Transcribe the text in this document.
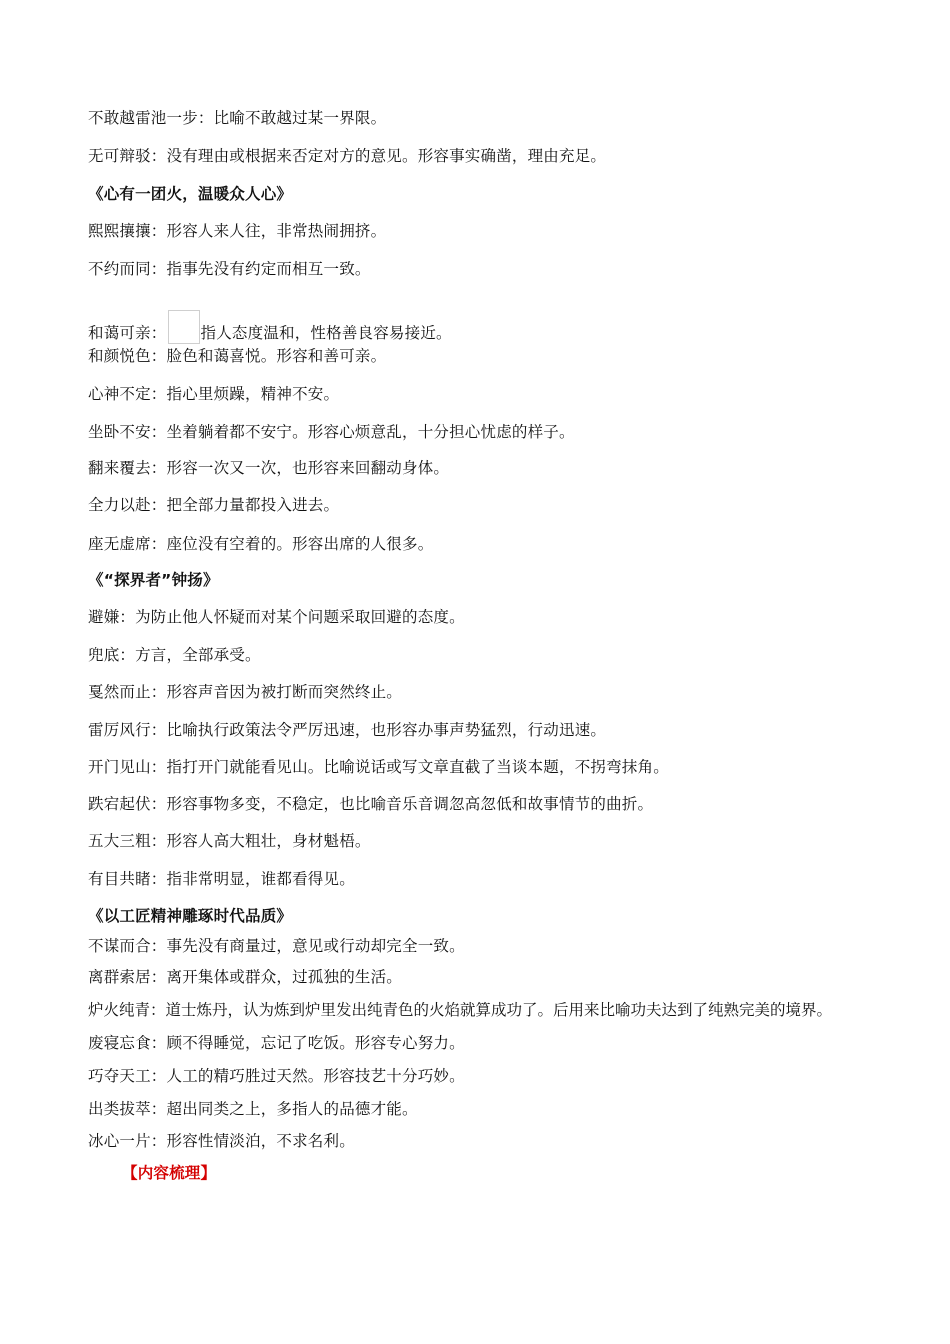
不敢越雷池一步：比喻不敢越过某一界限。
无可辩驳：没有理由或根据来否定对方的意见。形容事实确凿，理由充足。
《心有一团火，温暖众人心》
熙熙攘攘：形容人来人往，非常热闹拥挤。
不约而同：指事先没有约定而相互一致。
和蔼可亲： 指人态度温和，性格善良容易接近。
和颜悦色：脸色和蔼喜悦。形容和善可亲。
心神不定：指心里烦躁，精神不安。
坐卧不安：坐着躺着都不安宁。形容心烦意乱，十分担心忧虑的样子。
翻来覆去：形容一次又一次，也形容来回翻动身体。
全力以赴：把全部力量都投入进去。
座无虚席：座位没有空着的。形容出席的人很多。
《“探界者”钟扬》
避嫌：为防止他人怀疑而对某个问题采取回避的态度。
兜底：方言，全部承受。
戛然而止：形容声音因为被打断而突然终止。
雷厉风行：比喻执行政策法令严厉迅速，也形容办事声势猛烈，行动迅速。
开门见山：指打开门就能看见山。比喻说话或写文章直截了当谈本题，不拐弯抹角。
跌宕起伏：形容事物多变，不稳定，也比喻音乐音调忽高忽低和故事情节的曲折。
五大三粗：形容人高大粗壮，身材魁梧。
有目共睹：指非常明显，谁都看得见。
《以工匠精神雕琢时代品质》
不谋而合：事先没有商量过，意见或行动却完全一致。
离群索居：离开集体或群众，过孤独的生活。
炉火纯青：道士炼丹，认为炼到炉里发出纯青色的火焰就算成功了。后用来比喻功夫达到了纯熟完美的境界。
废寝忘食：顾不得睡觉，忘记了吃饭。形容专心努力。
巧夺天工：人工的精巧胜过天然。形容技艺十分巧妙。
出类拔萃：超出同类之上，多指人的品德才能。
冰心一片：形容性情淡泊，不求名利。
【内容梳理】
